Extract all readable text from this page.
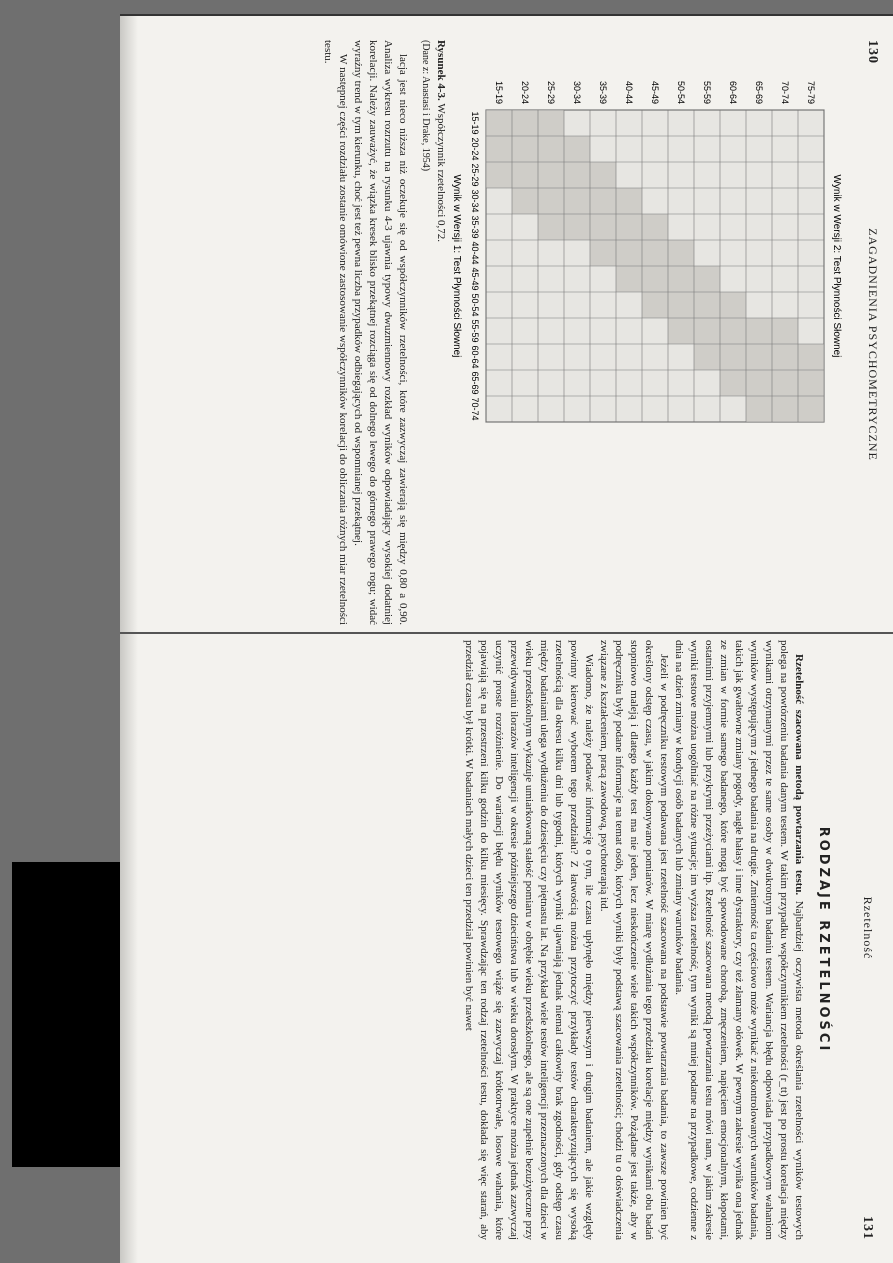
130
ZAGADNIENIA PSYCHOMETRYCZNE
15-19
20-24
25-29
30-34
35-39
40-44
45-49
50-54
55-59
60-64
65-69
70-74
75-79
70-74
65-69
60-64
55-59
50-54
45-49
40-44
35-39
30-34
25-29
20-24
15-19
Wynik w Wersji 1: Test Płynności Słownej	Wynik w Wersji 2: Test Płynności Słownej
Rysunek 4-3. Współczynnik rzetelności 0,72.
(Dane z: Anastasi i Drake, 1954)

lacja jest nieco niższa niż oczekuje się od współczynników rzetelności, które zazwyczaj zawierają się między 0,80 a 0,90. Analiza wykresu rozrzutu na rysunku 4-3 ujawnia typowy dwuzmiennowy rozkład wyników odpowiadający wysokiej dodatniej korelacji. Należy zauważyć, że wiązka kresek blisko przekątnej rozciąga się od dolnego lewego do górnego prawego rogu; widać wyraźny trend w tym kierunku, choć jest też pewna liczba przypadków odbiegających od wspomnianej przekątnej.

W następnej części rozdziału zostanie omówione zastosowanie współczynników korelacji do obliczania różnych miar rzetelności testu.

Rzetelność
131
RODZAJE RZETELNOŚCI

Rzetelność szacowana metodą powtarzania testu. Najbardziej oczywista metoda określania rzetelności wyników testowych polega na powtórzeniu badania danym testem. W takim przypadku współczynnikiem rzetelności (r_tt) jest po prostu korelacja między wynikami otrzymanymi przez te same osoby w dwukrotnym badaniu testem. Wariancja błędu odpowiada przypadkowym wahaniom wyników występującym z jednego badania na drugie. Zmienność ta częściowo może wynikać z niekontrolowanych warunków badania, takich jak gwałtowne zmiany pogody, nagłe hałasy i inne dystraktory, czy też złamany ołówek. W pewnym zakresie wynika ona jednak ze zmian w formie samego badanego, które mogą być spowodowane chorobą, zmęczeniem, napięciem emocjonalnym, kłopotami, ostatnimi przyjemnymi lub przykrymi przeżyciami itp. Rzetelność szacowana metodą powtarzania testu mówi nam, w jakim zakresie wyniki testowe można uogólniać na różne sytuacje; im wyższa rzetelność, tym wyniki są mniej podatne na przypadkowe, codzienne z dnia na dzień zmiany w kondycji osób badanych lub zmiany warunków badania.

Jeżeli w podręczniku testowym podawana jest rzetelność szacowana na podstawie powtarzania badania, to zawsze powinien być określony odstęp czasu, w jakim dokonywano pomiarów. W miarę wydłużania tego przedziału korelacje między wynikami obu badań stopniowo maleją i dlatego każdy test ma nie jeden, lecz nieskończenie wiele takich współczynników. Pożądane jest także, aby w podręczniku były podane informacje na temat osób, których wyniki były podstawą szacowania rzetelności; chodzi tu o doświadczenia związane z kształceniem, pracą zawodową, psychoterapią itd.

Wiadomo, że należy podawać informację o tym, ile czasu upłynęło między pierwszym i drugim badaniem, ale jakie względy powinny kierować wyborem tego przedziału? Z łatwością można przytoczyć przykłady testów charakteryzujących się wysoką rzetelnością dla okresu kilku dni lub tygodni, których wyniki ujawniają jednak niemal całkowity brak zgodności, gdy odstęp czasu między badaniami ulega wydłużeniu do dziesięciu czy piętnastu lat. Na przykład wiele testów inteligencji przeznaczonych dla dzieci w wieku przedszkolnym wykazuje umiarkowaną stałość pomiaru w obrębie wieku przedszkolnego, ale są one zupełnie bezużyteczne przy przewidywaniu ilorazów inteligencji w okresie późniejszego dzieciństwa lub w wieku dorosłym. W praktyce można jednak zazwyczaj uczynić proste rozróżnienie. Do wariancji błędu wyników testowego wiąże się zazwyczaj krótkotrwałe, losowe wahania, które pojawiają się na przestrzeni kilku godzin do kilku miesięcy. Sprawdzając ten rodzaj rzetelności testu, dokłada się więc starań, aby przedział czasu był krótki. W badaniach małych dzieci ten przedział powinien być nawet
